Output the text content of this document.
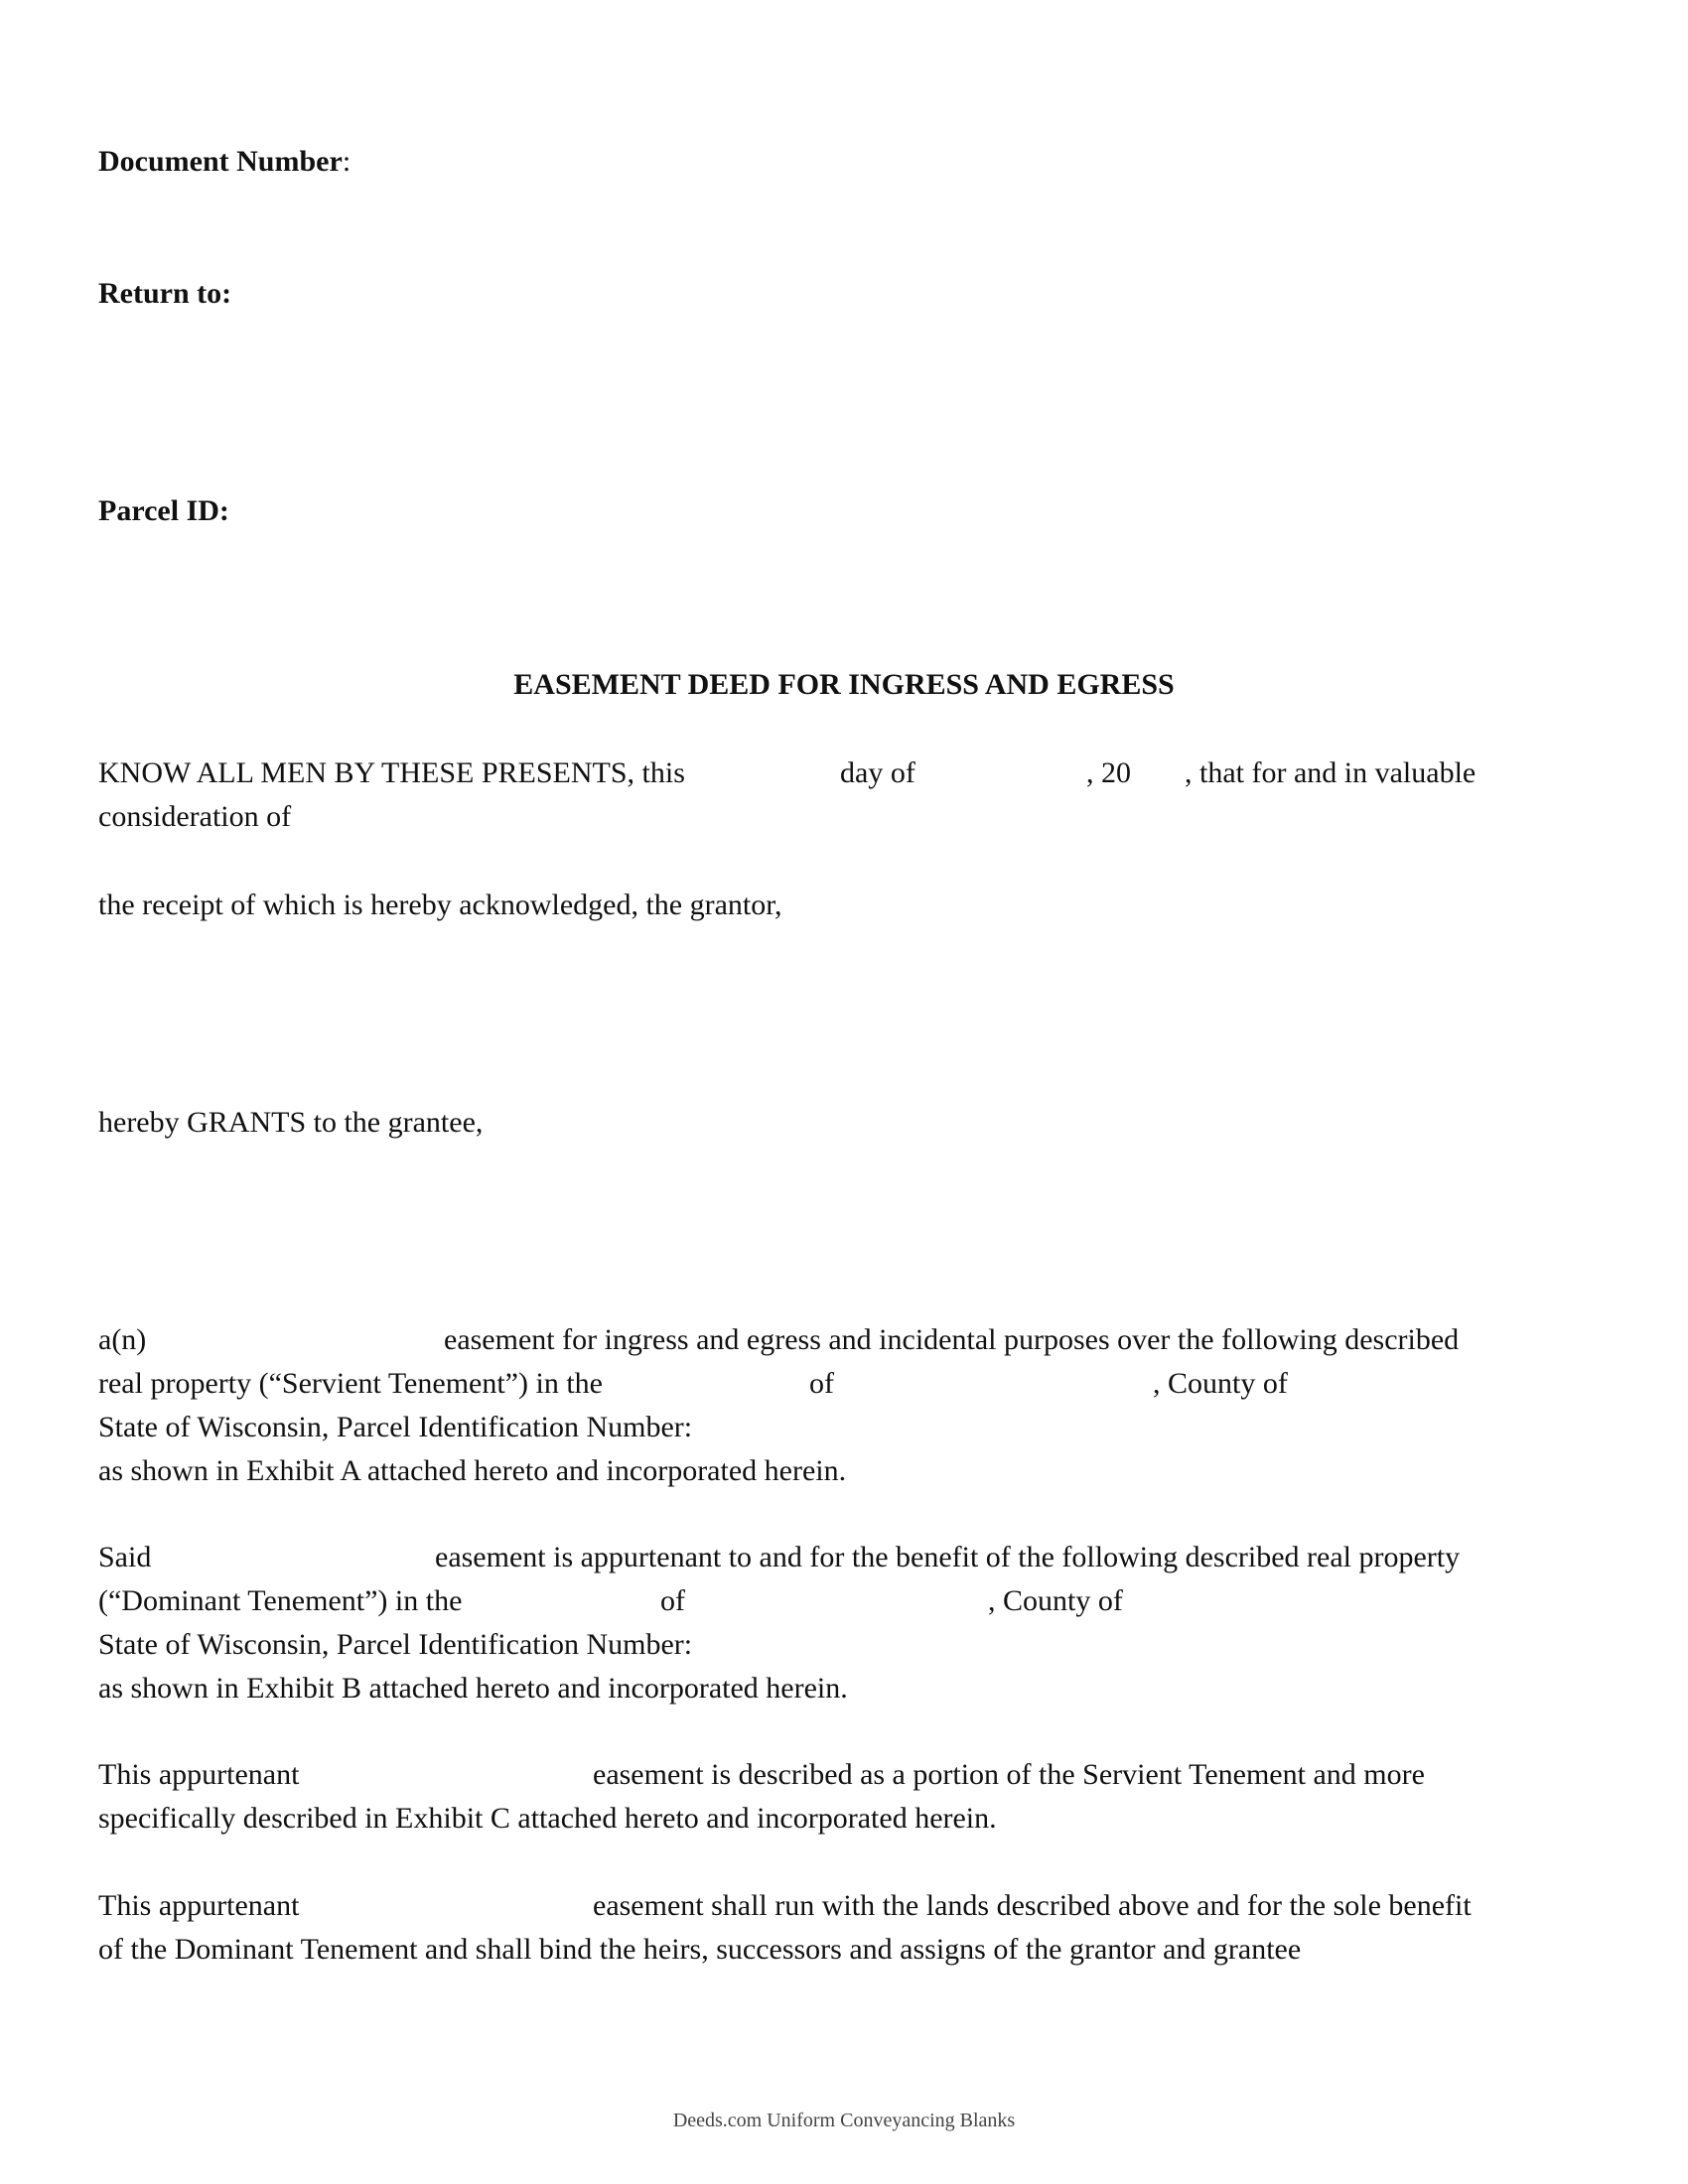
Document Number:
Return to:
Parcel ID:
EASEMENT DEED FOR INGRESS AND EGRESS
KNOW ALL MEN BY THESE PRESENTS, this	day of	, 20 , that for and in valuable
consideration of
the receipt of which is hereby acknowledged, the grantor,
hereby GRANTS to the grantee,
a(n)	easement for ingress and egress and incidental purposes over the following described
real property (“Servient Tenement”) in the	of	, County of
State of Wisconsin, Parcel Identification Number:
as shown in Exhibit A attached hereto and incorporated herein.
Said	easement is appurtenant to and for the benefit of the following described real property
(“Dominant Tenement”) in the	of	, County of
State of Wisconsin, Parcel Identification Number:
as shown in Exhibit B attached hereto and incorporated herein.
This appurtenant	easement is described as a portion of the Servient Tenement and more
specifically described in Exhibit C attached hereto and incorporated herein.
This appurtenant	easement shall run with the lands described above and for the sole benefit
of the Dominant Tenement and shall bind the heirs, successors and assigns of the grantor and grantee
Deeds.com Uniform Conveyancing Blanks
